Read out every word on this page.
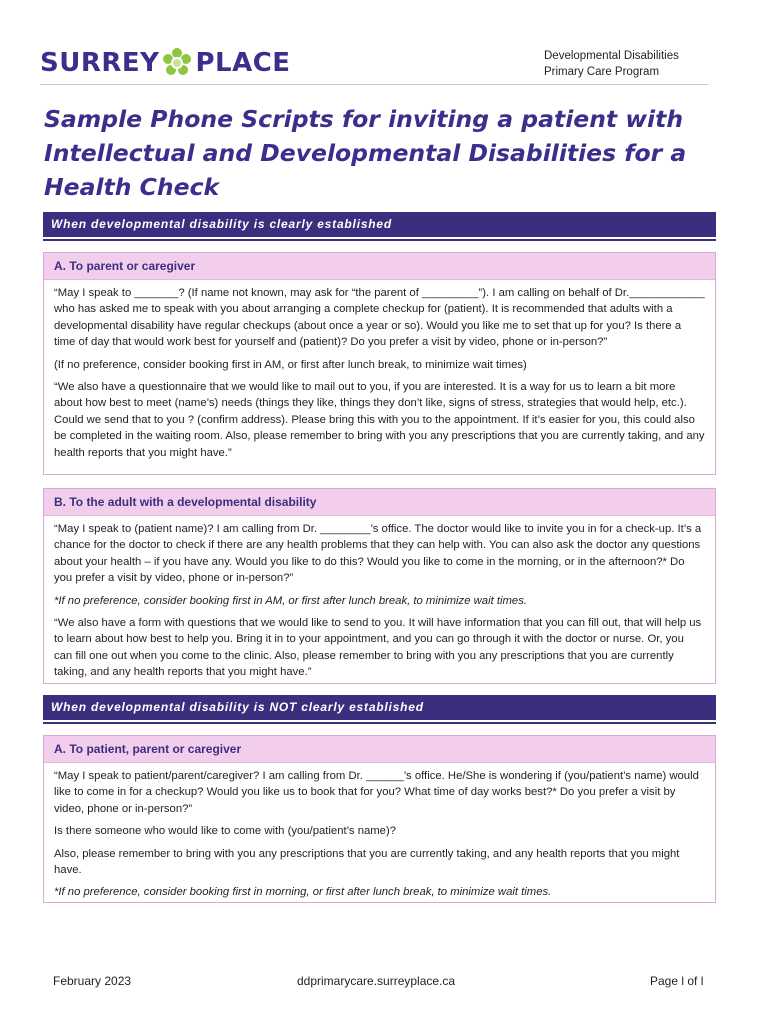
SURREY PLACE	Developmental Disabilities
Primary Care Program
Sample Phone Scripts for inviting a patient with Intellectual and Developmental Disabilities for a Health Check
When developmental disability is clearly established
A. To parent or caregiver

“May I speak to _______? (If name not known, may ask for “the parent of _________”). I am calling on behalf of Dr.____________ who has asked me to speak with you about arranging a complete checkup for (patient). It is recommended that adults with a developmental disability have regular checkups (about once a year or so). Would you like me to set that up for you? Is there a time of day that would work best for yourself and (patient)? Do you prefer a visit by video, phone or in-person?”

(If no preference, consider booking first in AM, or first after lunch break, to minimize wait times)

“We also have a questionnaire that we would like to mail out to you, if you are interested. It is a way for us to learn a bit more about how best to meet (name’s) needs (things they like, things they don’t like, signs of stress, strategies that would help, etc.). Could we send that to you ? (confirm address). Please bring this with you to the appointment. If it’s easier for you, this could also be completed in the waiting room. Also, please remember to bring with you any prescriptions that you are currently taking, and any health reports that you might have.”

B. To the adult with a developmental disability

“May I speak to (patient name)? I am calling from Dr. ________’s office. The doctor would like to invite you in for a check-up. It’s a chance for the doctor to check if there are any health problems that they can help with. You can also ask the doctor any questions about your health – if you have any. Would you like to do this? Would you like to come in the morning, or in the afternoon?* Do you prefer a visit by video, phone or in-person?”

*If no preference, consider booking first in AM, or first after lunch break, to minimize wait times.

“We also have a form with questions that we would like to send to you. It will have information that you can fill out, that will help us to learn about how best to help you. Bring it in to your appointment, and you can go through it with the doctor or nurse. Or, you can fill one out when you come to the clinic. Also, please remember to bring with you any prescriptions that you are currently taking, and any health reports that you might have.”

When developmental disability is NOT clearly established
A. To patient, parent or caregiver

“May I speak to patient/parent/caregiver? I am calling from Dr. ______’s office. He/She is wondering if (you/patient’s name) would like to come in for a checkup? Would you like us to book that for you? What time of day works best?* Do you prefer a visit by video, phone or in-person?”

Is there someone who would like to come with (you/patient’s name)?

Also, please remember to bring with you any prescriptions that you are currently taking, and any health reports that you might have.

*If no preference, consider booking first in morning, or first after lunch break, to minimize wait times.

February 2023	ddprimarycare.surreyplace.ca	Page l of l
